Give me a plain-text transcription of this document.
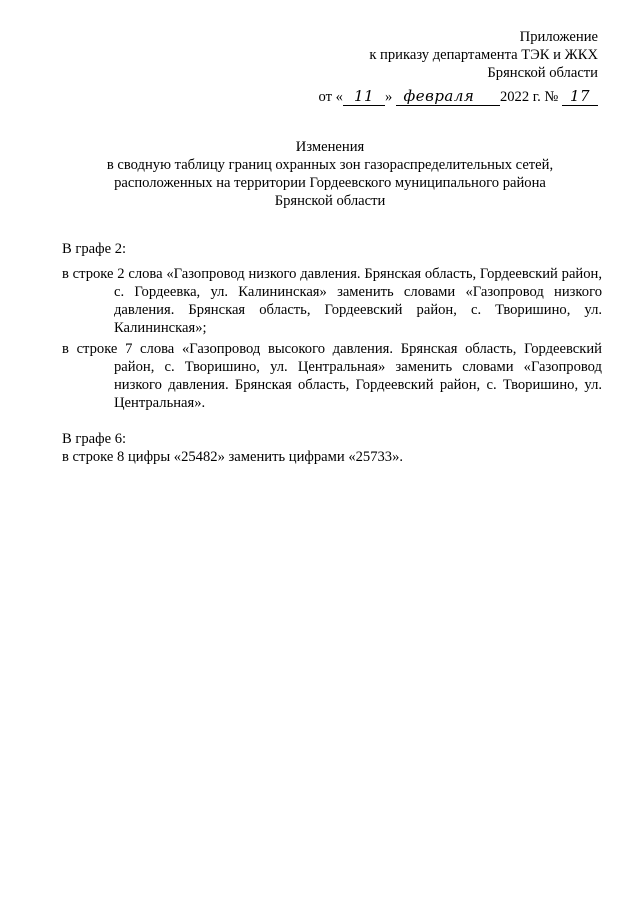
Приложение
к приказу департамента ТЭК и ЖКХ
Брянской области
от « 11 » февраля 2022 г. № 17
Изменения
в сводную таблицу границ охранных зон газораспределительных сетей,
расположенных на территории Гордеевского муниципального района
Брянской области

В графе 2:

в строке 2 слова «Газопровод низкого давления. Брянская область, Гордеевский район, с. Гордеевка, ул. Калининская» заменить словами «Газопровод низкого давления. Брянская область, Гордеевский район, с. Творишино, ул. Калининская»;

в строке 7 слова «Газопровод высокого давления. Брянская область, Гордеевский район, с. Творишино, ул. Центральная» заменить словами «Газопровод низкого давления. Брянская область, Гордеевский район, с. Творишино, ул. Центральная».

В графе 6:

в строке 8 цифры «25482» заменить цифрами «25733».
